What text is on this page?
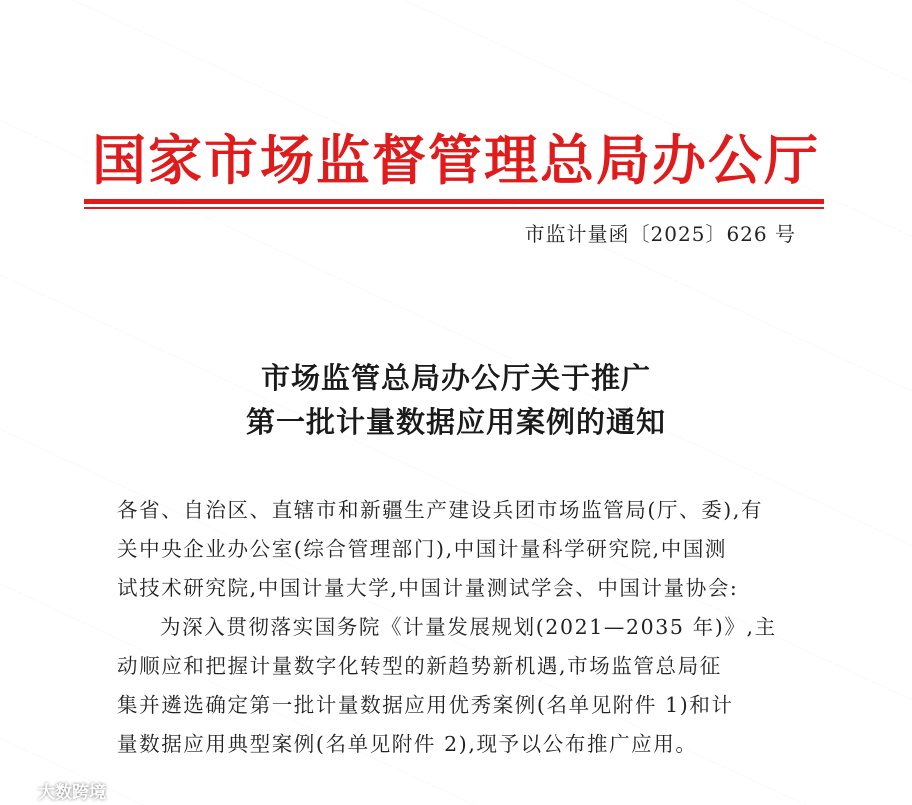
国家市场监督管理总局办公厅
市监计量函〔2025〕626 号
市场监管总局办公厅关于推广
第一批计量数据应用案例的通知
各省、自治区、直辖市和新疆生产建设兵团市场监管局(厅、委),有
关中央企业办公室(综合管理部门),中国计量科学研究院,中国测
试技术研究院,中国计量大学,中国计量测试学会、中国计量协会:
为深入贯彻落实国务院《计量发展规划(2021—2035 年)》,主
动顺应和把握计量数字化转型的新趋势新机遇,市场监管总局征
集并遴选确定第一批计量数据应用优秀案例(名单见附件 1)和计
量数据应用典型案例(名单见附件 2),现予以公布推广应用。
大数跨境
